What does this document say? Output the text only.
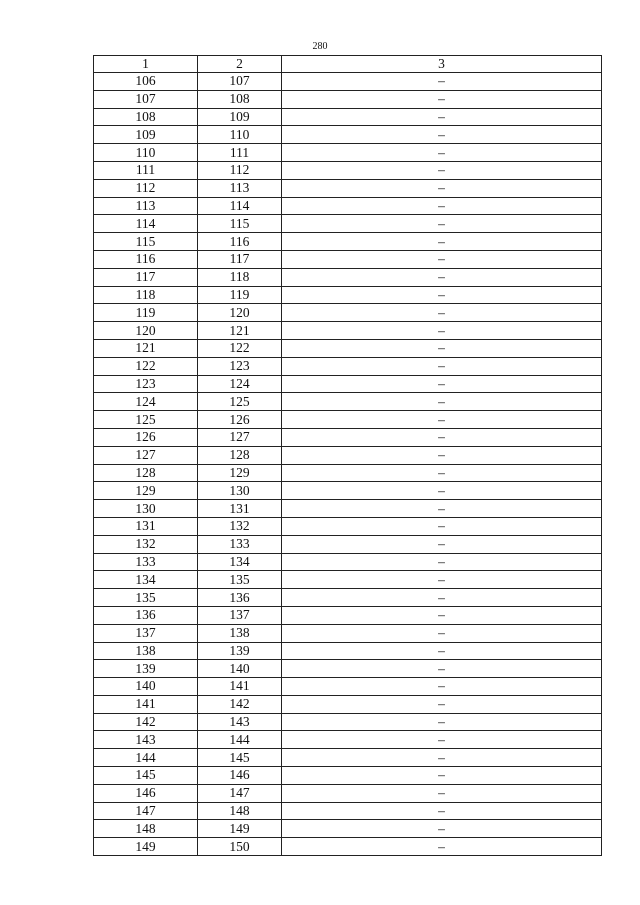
280
1	2	3
106	107	–
107	108	–
108	109	–
109	110	–
110	111	–
111	112	–
112	113	–
113	114	–
114	115	–
115	116	–
116	117	–
117	118	–
118	119	–
119	120	–
120	121	–
121	122	–
122	123	–
123	124	–
124	125	–
125	126	–
126	127	–
127	128	–
128	129	–
129	130	–
130	131	–
131	132	–
132	133	–
133	134	–
134	135	–
135	136	–
136	137	–
137	138	–
138	139	–
139	140	–
140	141	–
141	142	–
142	143	–
143	144	–
144	145	–
145	146	–
146	147	–
147	148	–
148	149	–
149	150	–
